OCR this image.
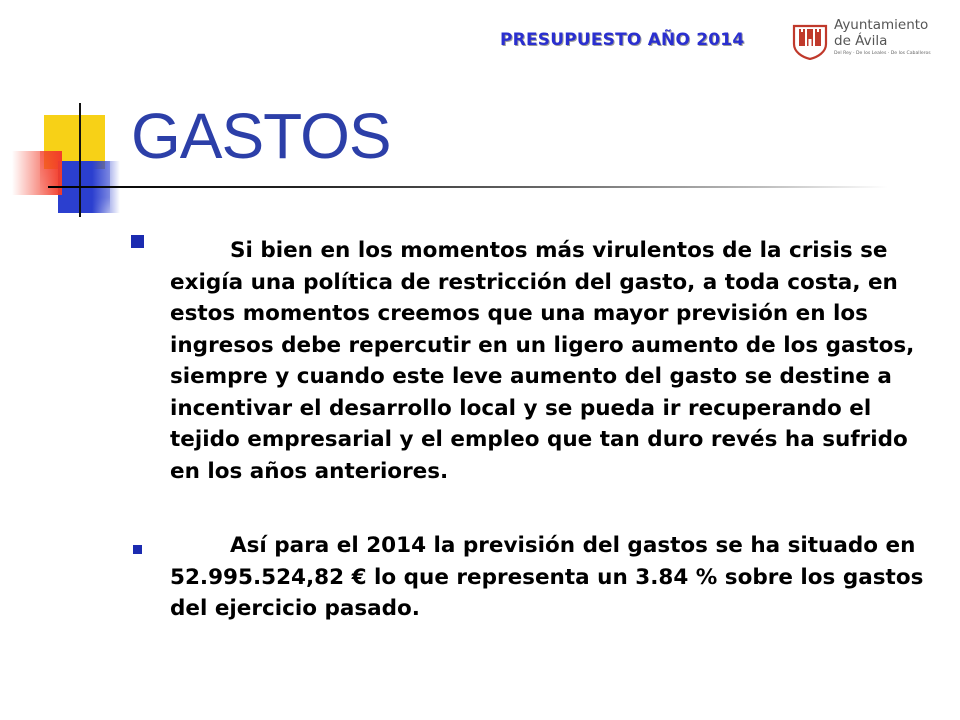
PRESUPUESTO AÑO 2014
Ayuntamiento
de Ávila
Del Rey · De los Leales · De los Caballeros
GASTOS

Si bien en los momentos más virulentos de la crisis se exigía una política de restricción del gasto, a toda costa, en estos momentos creemos que una mayor previsión en los ingresos debe repercutir en un ligero aumento de los gastos, siempre y cuando este leve aumento del gasto se destine a incentivar el desarrollo local y se pueda ir recuperando el tejido empresarial y el empleo que tan duro revés ha sufrido en los años anteriores.

Así para el 2014 la previsión del gastos se ha situado en 52.995.524,82 € lo que representa un 3.84 % sobre los gastos del ejercicio pasado.
